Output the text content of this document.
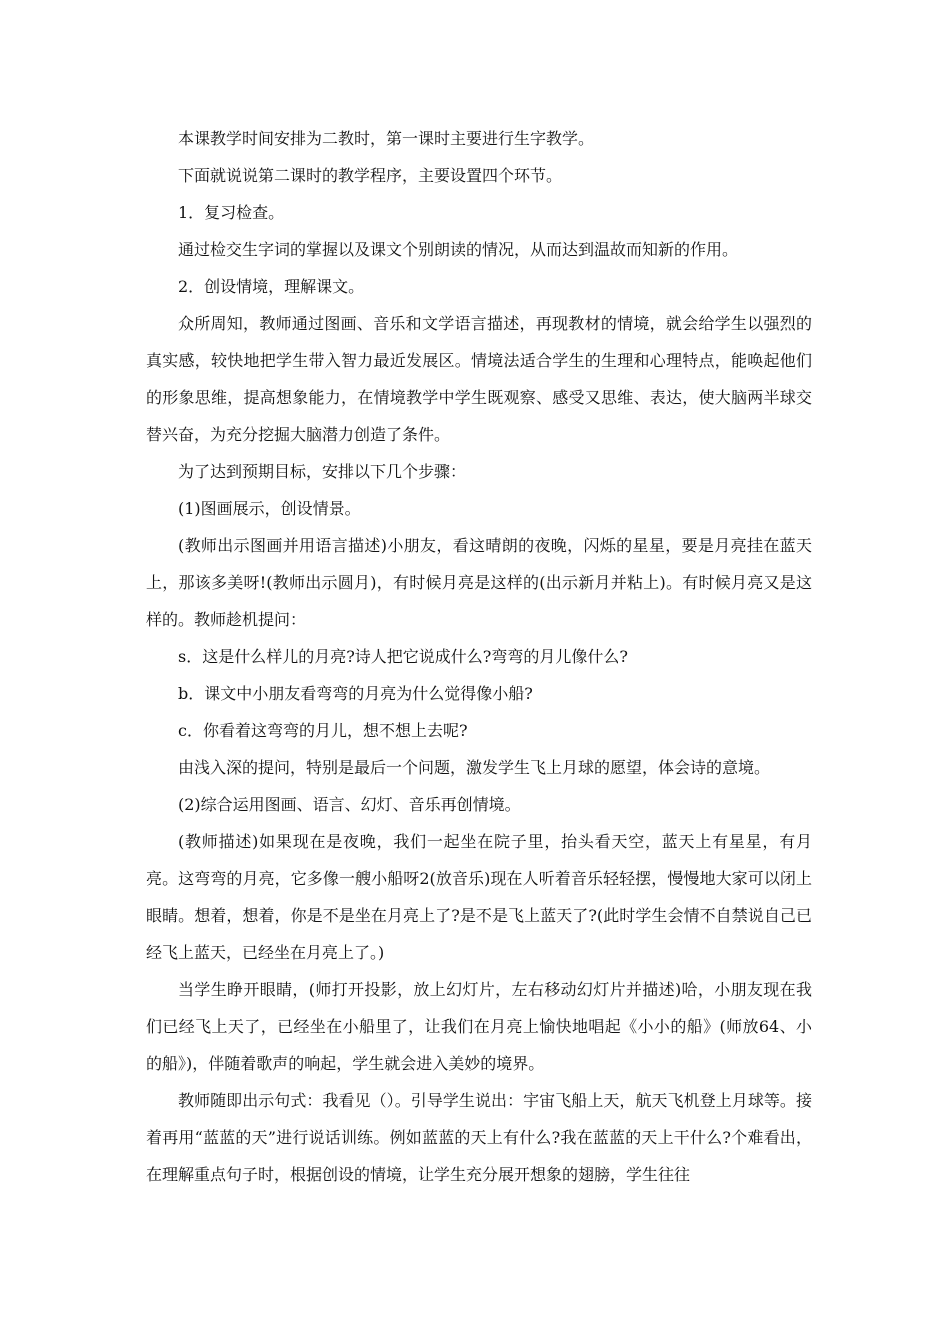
本课教学时间安排为二教时，第一课时主要进行生字教学。

下面就说说第二课时的教学程序，主要设置四个环节。

1．复习检查。

通过检交生字词的掌握以及课文个别朗读的情况，从而达到温故而知新的作用。

2．创设情境，理解课文。

众所周知，教师通过图画、音乐和文学语言描述，再现教材的情境，就会给学生以强烈的真实感，较快地把学生带入智力最近发展区。情境法适合学生的生理和心理特点，能唤起他们的形象思维，提高想象能力，在情境教学中学生既观察、感受又思维、表达，使大脑两半球交替兴奋，为充分挖掘大脑潜力创造了条件。

为了达到预期目标，安排以下几个步骤：

(1)图画展示，创设情景。

(教师出示图画并用语言描述)小朋友，看这晴朗的夜晚，闪烁的星星，要是月亮挂在蓝天上，那该多美呀!(教师出示圆月)，有时候月亮是这样的(出示新月并粘上)。有时候月亮又是这样的。教师趁机提问：

s．这是什么样儿的月亮?诗人把它说成什么?弯弯的月儿像什么?

b．课文中小朋友看弯弯的月亮为什么觉得像小船?

c．你看着这弯弯的月儿，想不想上去呢?

由浅入深的提问，特别是最后一个问题，激发学生飞上月球的愿望，体会诗的意境。

(2)综合运用图画、语言、幻灯、音乐再创情境。

(教师描述)如果现在是夜晚，我们一起坐在院子里，抬头看天空，蓝天上有星星，有月亮。这弯弯的月亮，它多像一艘小船呀2(放音乐)现在人听着音乐轻轻摆，慢慢地大家可以闭上眼睛。想着，想着，你是不是坐在月亮上了?是不是飞上蓝天了?(此时学生会情不自禁说自己已经飞上蓝天，已经坐在月亮上了。)

当学生睁开眼睛，(师打开投影，放上幻灯片，左右移动幻灯片并描述)哈，小朋友现在我们已经飞上天了，已经坐在小船里了，让我们在月亮上愉快地唱起《小小的船》(师放64、小的船》)，伴随着歌声的响起，学生就会进入美妙的境界。

教师随即出示句式：我看见（）。引导学生说出：宇宙飞船上天，航天飞机登上月球等。接着再用“蓝蓝的天”进行说话训练。例如蓝蓝的天上有什么?我在蓝蓝的天上干什么?个难看出，在理解重点句子时，根据创设的情境，让学生充分展开想象的翅膀，学生往往
